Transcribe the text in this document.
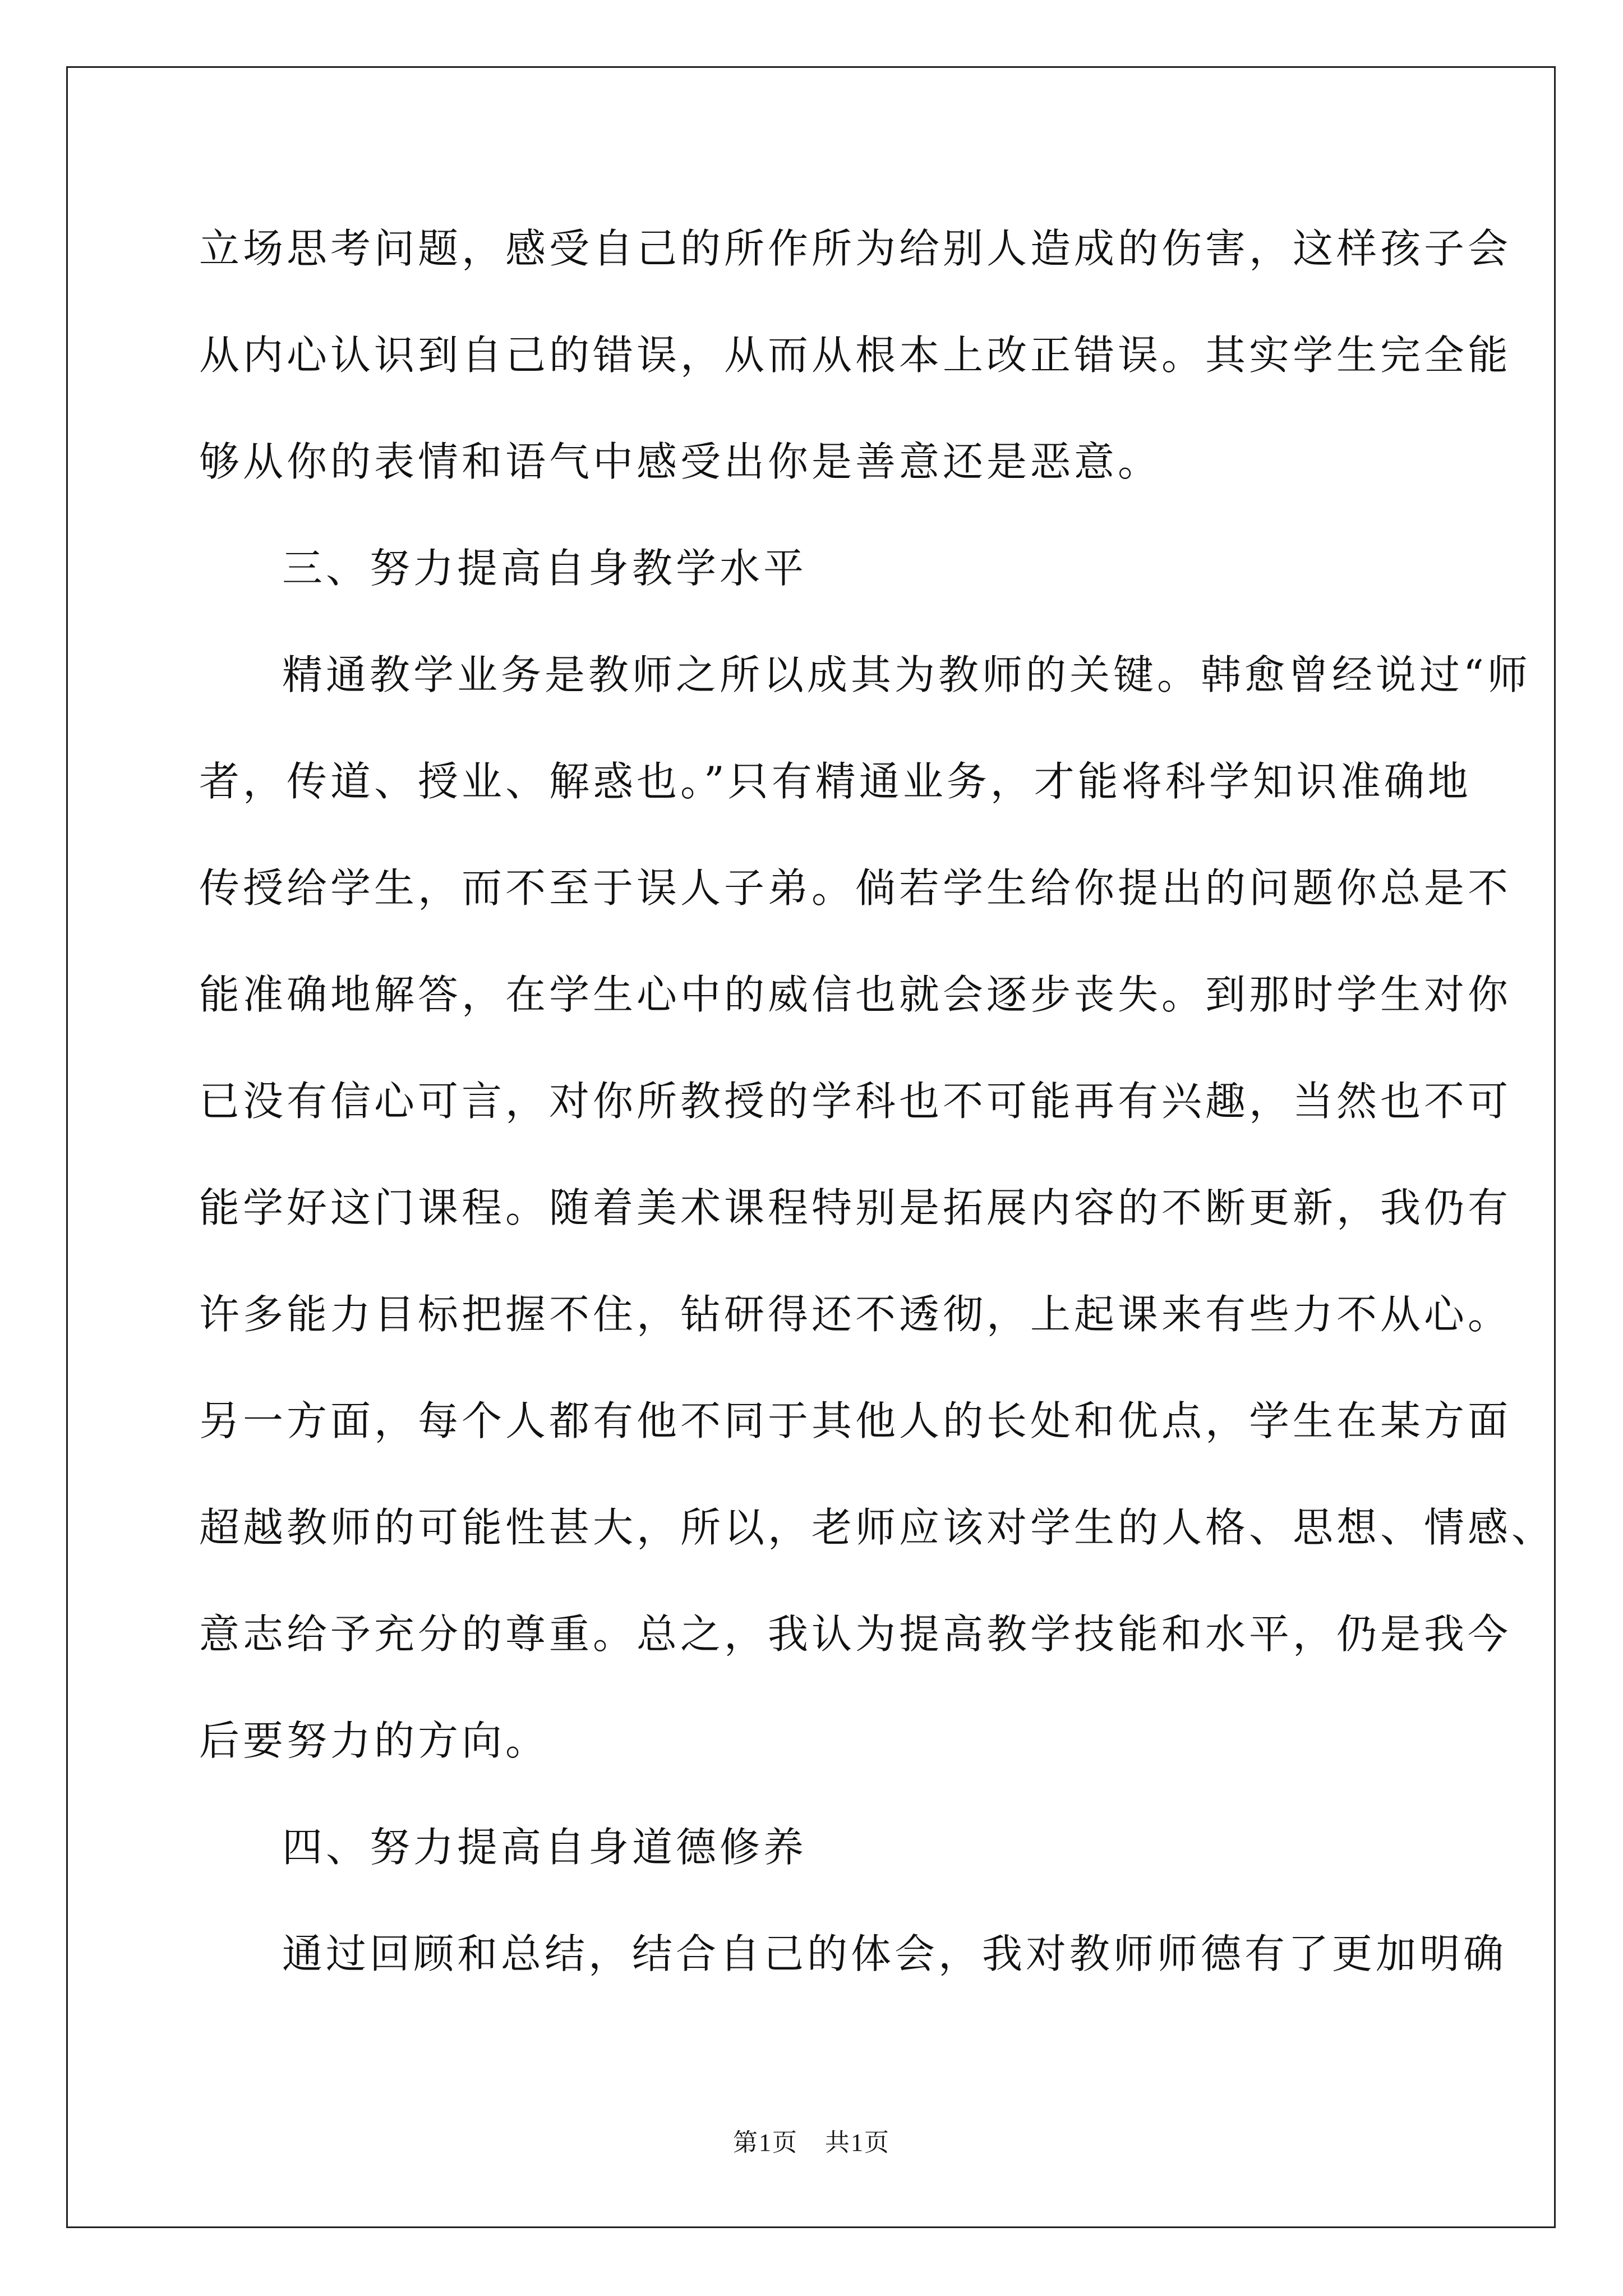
立场思考问题，感受自己的所作所为给别人造成的伤害，这样孩子会
从内心认识到自己的错误，从而从根本上改正错误。其实学生完全能
够从你的表情和语气中感受出你是善意还是恶意。
三、努力提高自身教学水平
精通教学业务是教师之所以成其为教师的关键。韩愈曾经说过“师
者，传道、授业、解惑也。”只有精通业务，才能将科学知识准确地
传授给学生，而不至于误人子弟。倘若学生给你提出的问题你总是不
能准确地解答，在学生心中的威信也就会逐步丧失。到那时学生对你
已没有信心可言，对你所教授的学科也不可能再有兴趣，当然也不可
能学好这门课程。随着美术课程特别是拓展内容的不断更新，我仍有
许多能力目标把握不住，钻研得还不透彻，上起课来有些力不从心。
另一方面，每个人都有他不同于其他人的长处和优点，学生在某方面
超越教师的可能性甚大，所以，老师应该对学生的人格、思想、情感、
意志给予充分的尊重。总之，我认为提高教学技能和水平，仍是我今
后要努力的方向。
四、努力提高自身道德修养
通过回顾和总结，结合自己的体会，我对教师师德有了更加明确
第1页 共1页
